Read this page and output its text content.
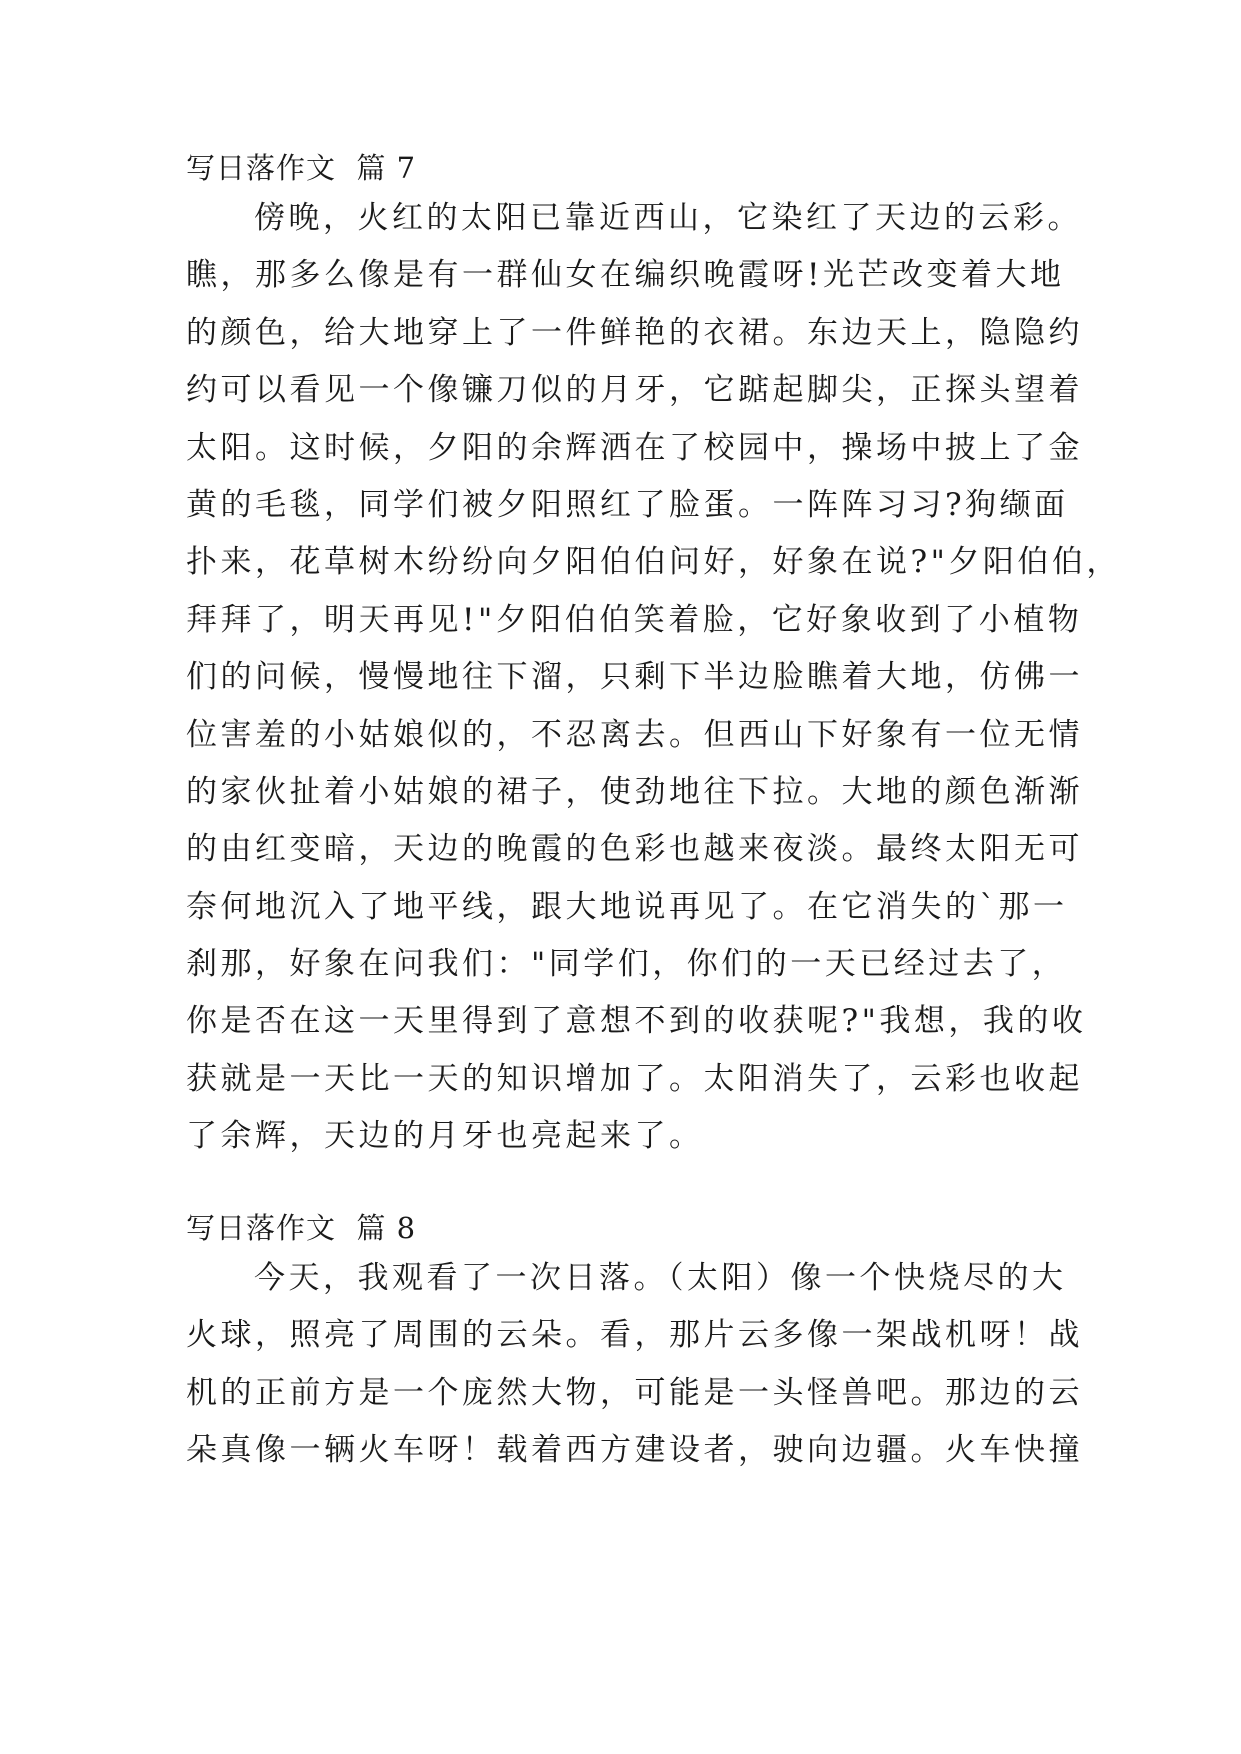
写日落作文  篇 7
傍晚，火红的太阳已靠近西山，它染红了天边的云彩。
瞧，那多么像是有一群仙女在编织晚霞呀!光芒改变着大地
的颜色，给大地穿上了一件鲜艳的衣裙。东边天上，隐隐约
约可以看见一个像镰刀似的月牙，它踮起脚尖，正探头望着
太阳。这时候，夕阳的余辉洒在了校园中，操场中披上了金
黄的毛毯，同学们被夕阳照红了脸蛋。一阵阵习习?狗缬面
扑来，花草树木纷纷向夕阳伯伯问好，好象在说?"夕阳伯伯，
拜拜了，明天再见!"夕阳伯伯笑着脸，它好象收到了小植物
们的问候，慢慢地往下溜，只剩下半边脸瞧着大地，仿佛一
位害羞的小姑娘似的，不忍离去。但西山下好象有一位无情
的家伙扯着小姑娘的裙子，使劲地往下拉。大地的颜色渐渐
的由红变暗，天边的晚霞的色彩也越来夜淡。最终太阳无可
奈何地沉入了地平线，跟大地说再见了。在它消失的`那一
刹那，好象在问我们："同学们，你们的一天已经过去了，
你是否在这一天里得到了意想不到的收获呢?"我想，我的收
获就是一天比一天的知识增加了。太阳消失了，云彩也收起
了余辉，天边的月牙也亮起来了。
写日落作文  篇 8
今天，我观看了一次日落。（太阳）像一个快烧尽的大
火球，照亮了周围的云朵。看，那片云多像一架战机呀！战
机的正前方是一个庞然大物，可能是一头怪兽吧。那边的云
朵真像一辆火车呀！载着西方建设者，驶向边疆。火车快撞
